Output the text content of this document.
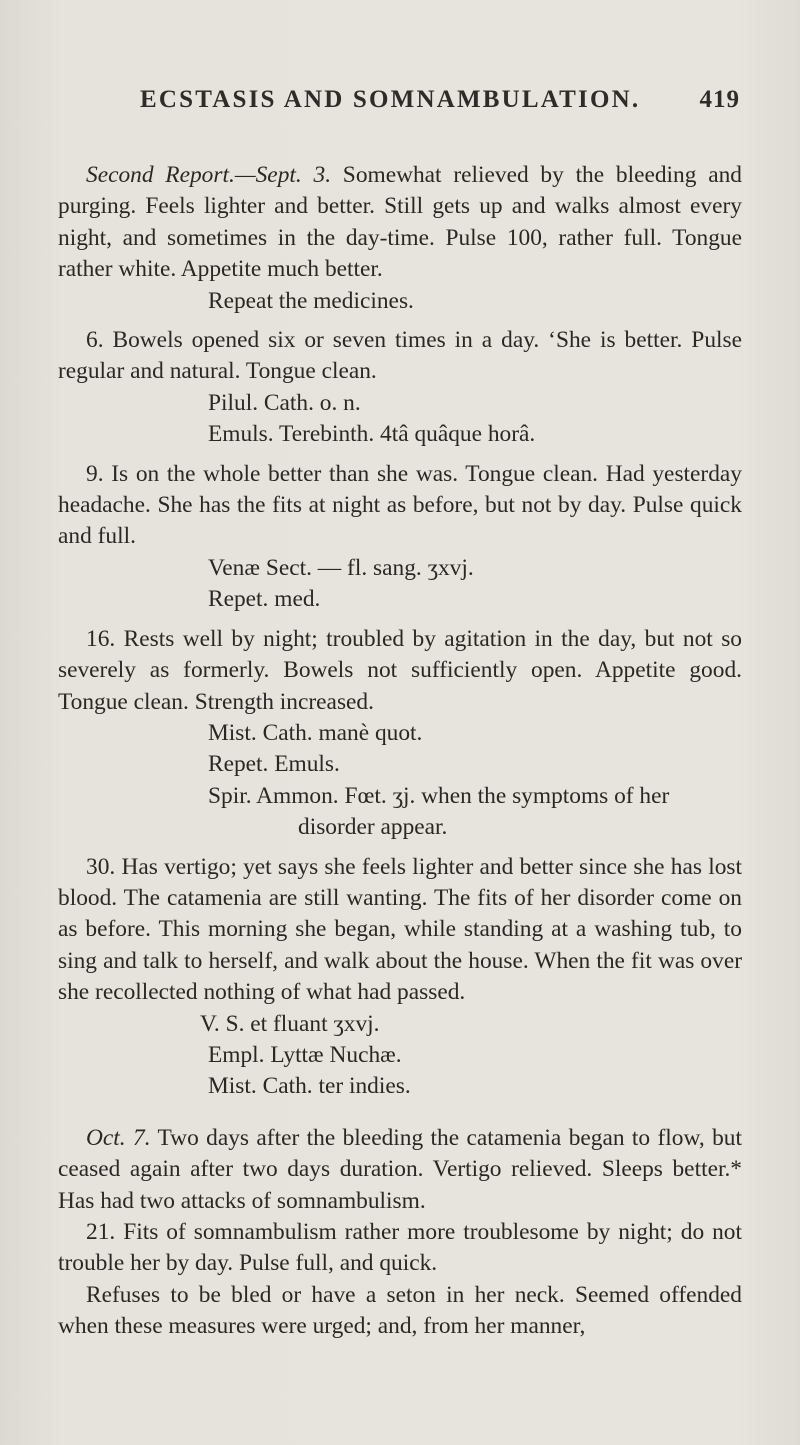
ECSTASIS AND SOMNAMBULATION. 419

Second Report.—Sept. 3. Somewhat relieved by the bleeding and purging. Feels lighter and better. Still gets up and walks almost every night, and sometimes in the day-time. Pulse 100, rather full. Tongue rather white. Appetite much better.

Repeat the medicines.

6. Bowels opened six or seven times in a day. ‘She is better. Pulse regular and natural. Tongue clean.

Pilul. Cath. o. n.
Emuls. Terebinth. 4tâ quâque horâ.

9. Is on the whole better than she was. Tongue clean. Had yesterday headache. She has the fits at night as before, but not by day. Pulse quick and full.

Venæ Sect. — fl. sang. ʒxvj.
Repet. med.

16. Rests well by night; troubled by agitation in the day, but not so severely as formerly. Bowels not sufficiently open. Appetite good. Tongue clean. Strength increased.

Mist. Cath. manè quot.
Repet. Emuls.
Spir. Ammon. Fœt. ʒj. when the symptoms of her
disorder appear.

30. Has vertigo; yet says she feels lighter and better since she has lost blood. The catamenia are still wanting. The fits of her disorder come on as before. This morning she began, while standing at a washing tub, to sing and talk to herself, and walk about the house. When the fit was over she recollected nothing of what had passed.

V. S. et fluant ʒxvj.
Empl. Lyttæ Nuchæ.
Mist. Cath. ter indies.

Oct. 7. Two days after the bleeding the catamenia began to flow, but ceased again after two days duration. Vertigo relieved. Sleeps better.* Has had two attacks of somnambulism.

21. Fits of somnambulism rather more troublesome by night; do not trouble her by day. Pulse full, and quick.

Refuses to be bled or have a seton in her neck. Seemed offended when these measures were urged; and, from her manner,
